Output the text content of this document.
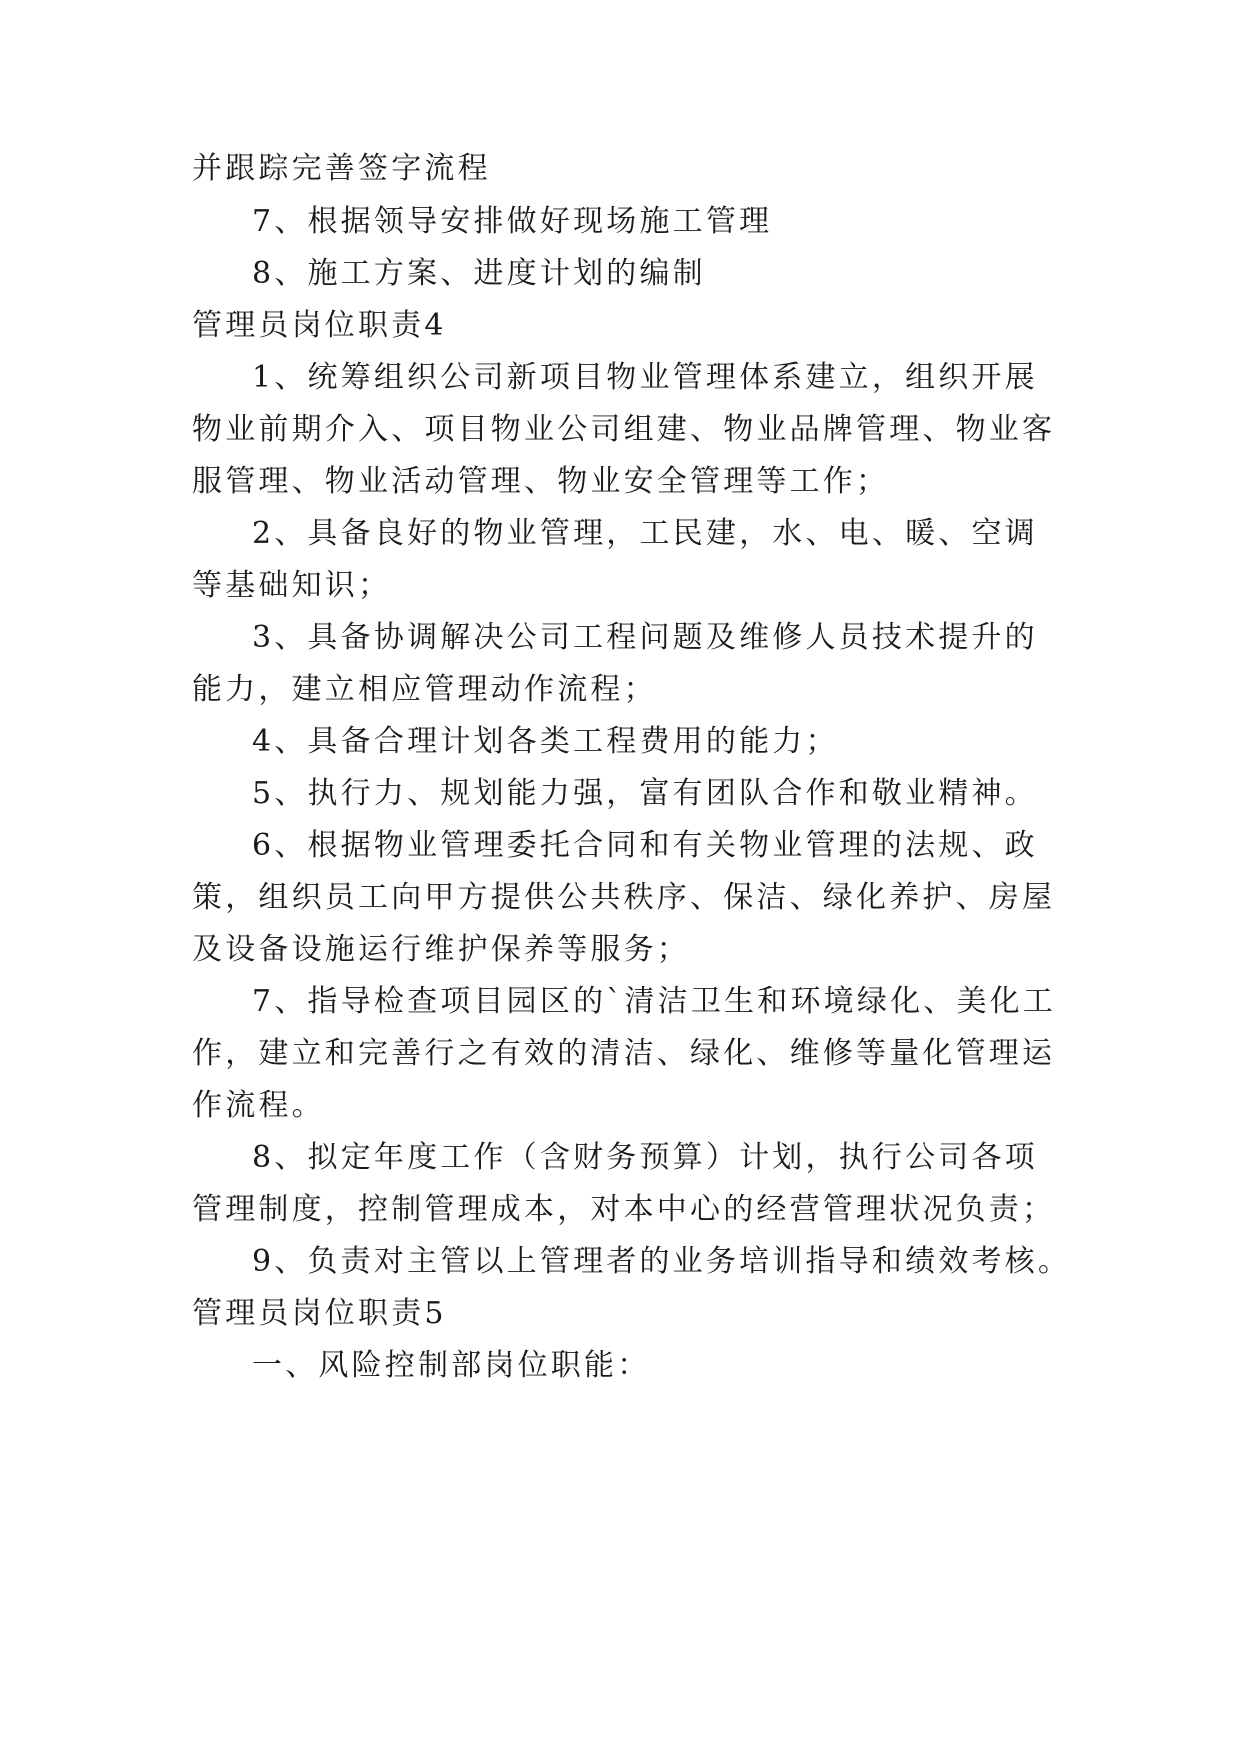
并跟踪完善签字流程
7、根据领导安排做好现场施工管理
8、施工方案、进度计划的编制
管理员岗位职责4
1、统筹组织公司新项目物业管理体系建立，组织开展
物业前期介入、项目物业公司组建、物业品牌管理、物业客
服管理、物业活动管理、物业安全管理等工作；
2、具备良好的物业管理，工民建，水、电、暖、空调
等基础知识；
3、具备协调解决公司工程问题及维修人员技术提升的
能力，建立相应管理动作流程；
4、具备合理计划各类工程费用的能力；
5、执行力、规划能力强，富有团队合作和敬业精神。
6、根据物业管理委托合同和有关物业管理的法规、政
策，组织员工向甲方提供公共秩序、保洁、绿化养护、房屋
及设备设施运行维护保养等服务；
7、指导检查项目园区的`清洁卫生和环境绿化、美化工
作，建立和完善行之有效的清洁、绿化、维修等量化管理运
作流程。
8、拟定年度工作（含财务预算）计划，执行公司各项
管理制度，控制管理成本，对本中心的经营管理状况负责；
9、负责对主管以上管理者的业务培训指导和绩效考核。
管理员岗位职责5
一、风险控制部岗位职能：
